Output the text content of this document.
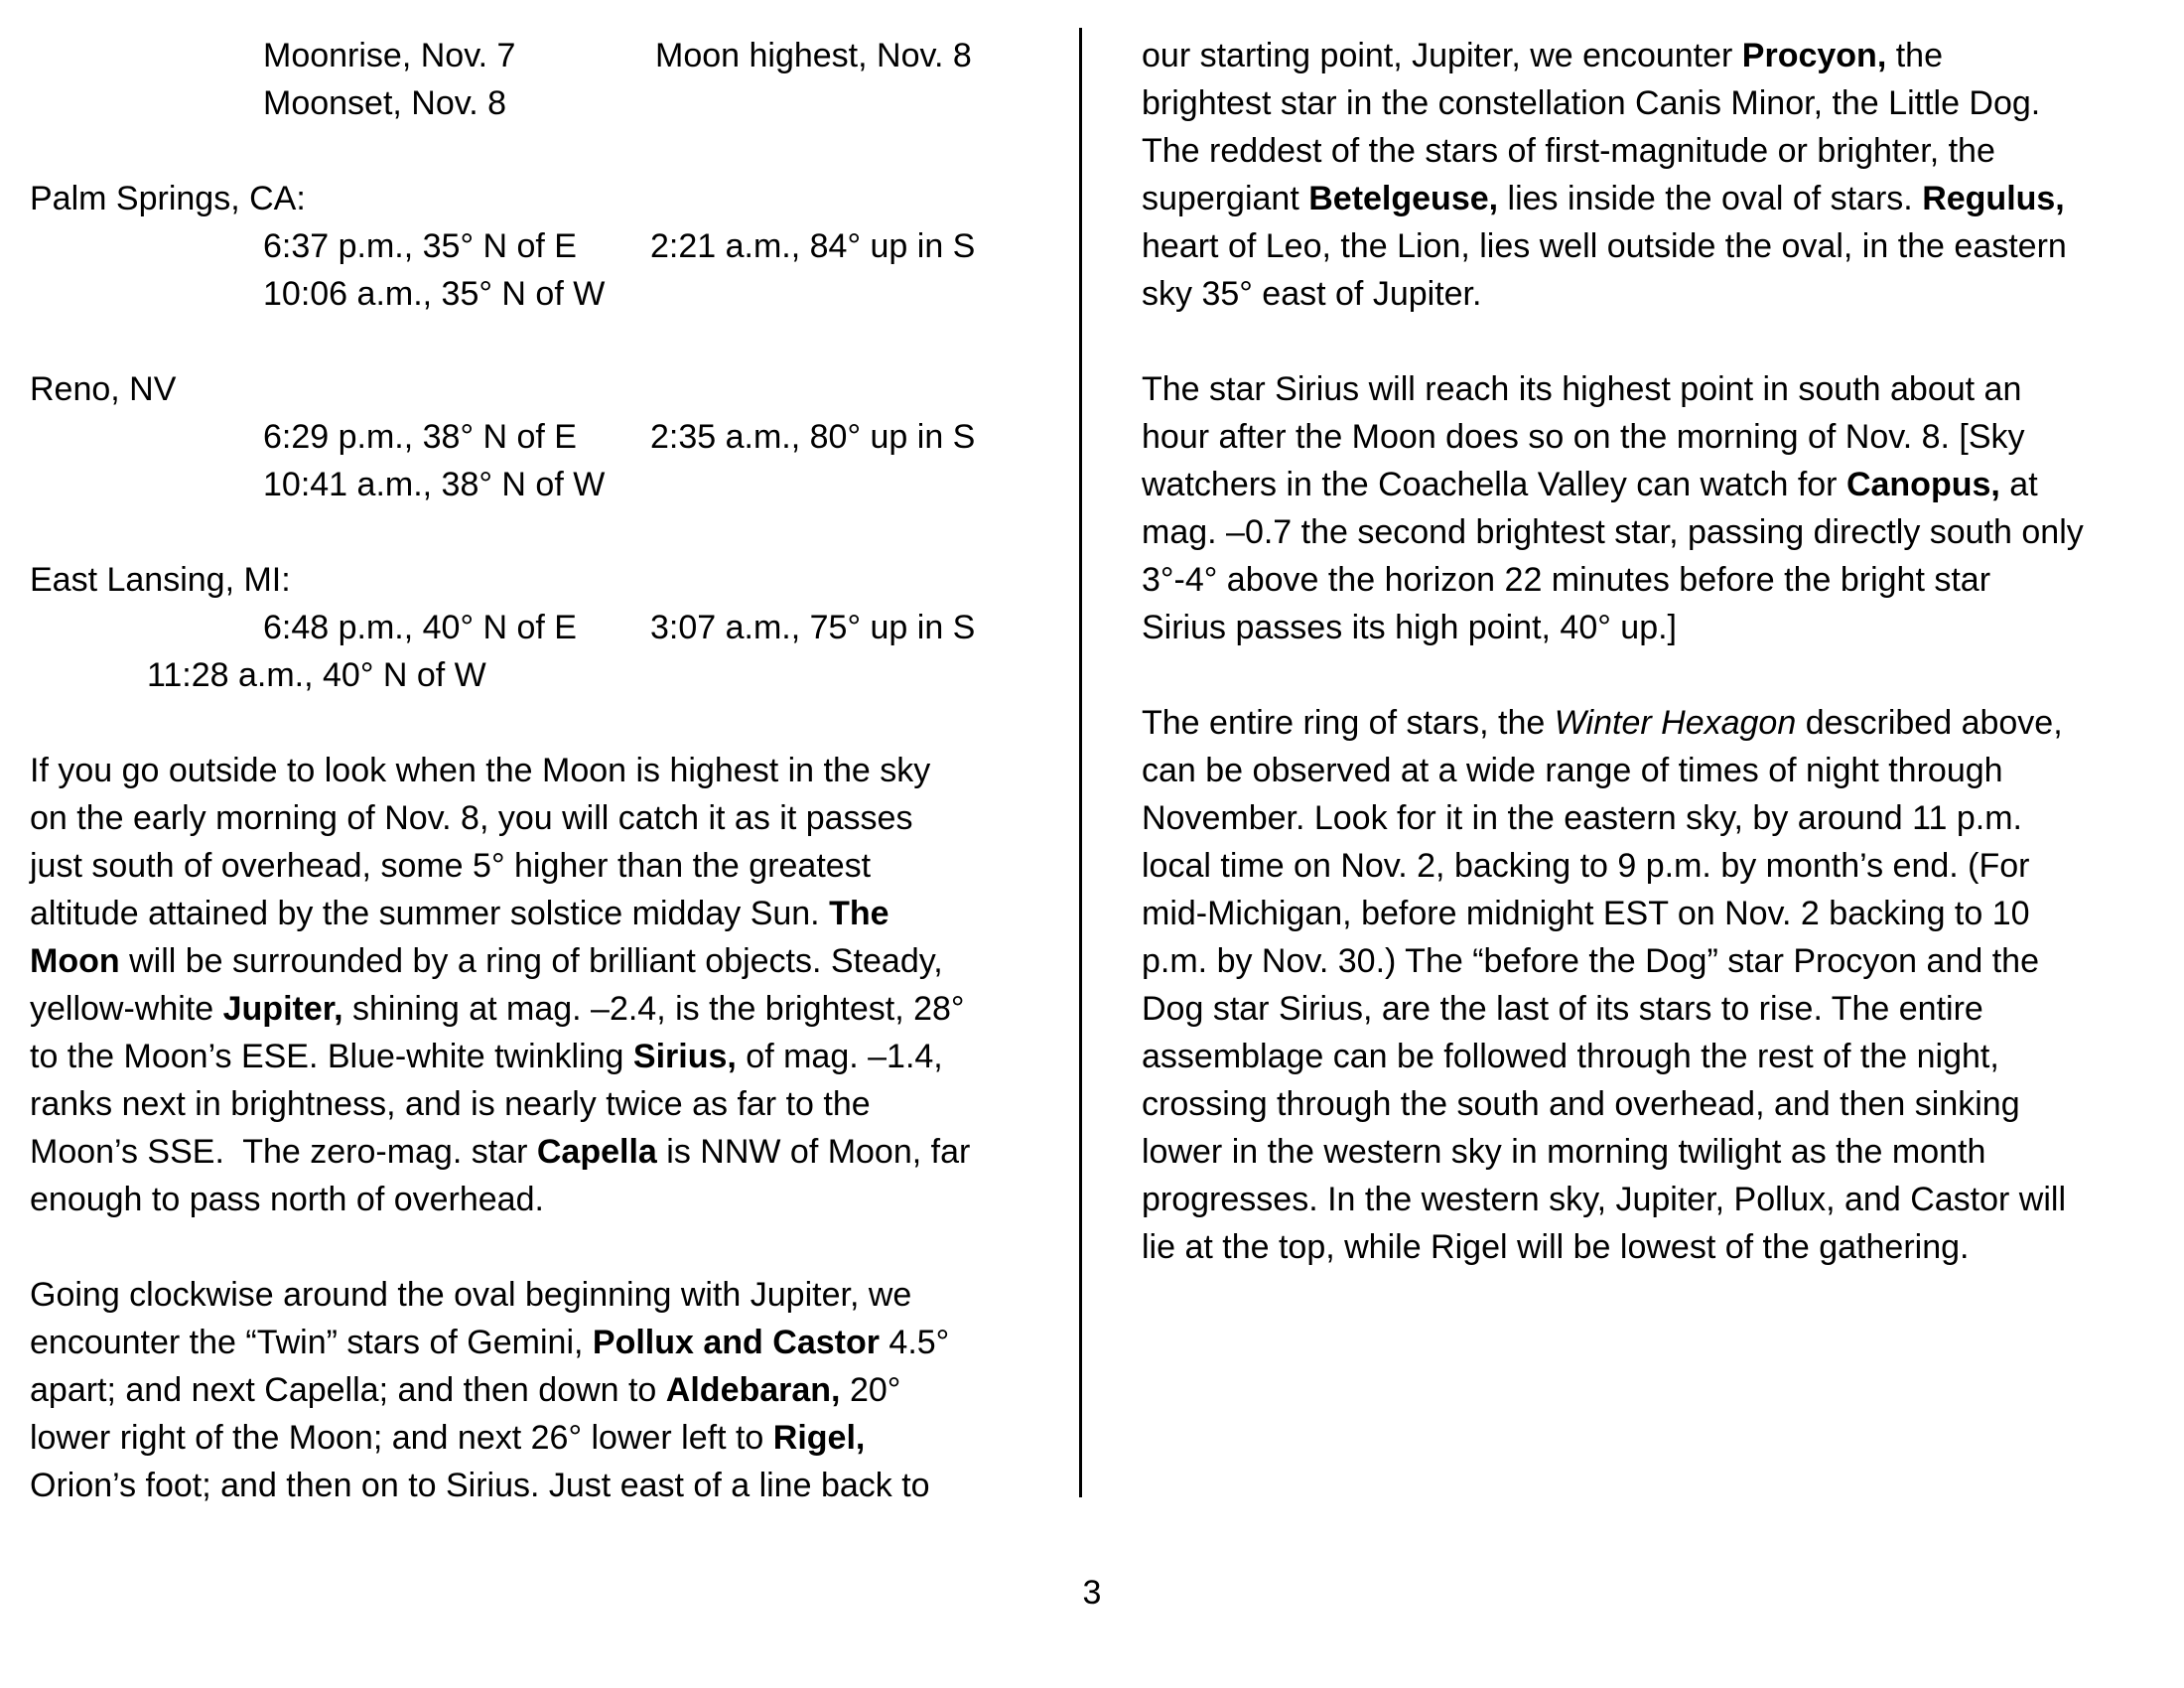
Moonrise, Nov. 7	Moon highest, Nov. 8
Moonset, Nov. 8
Palm Springs, CA:
6:37 p.m., 35° N of E 2:21 a.m., 84° up in S
10:06 a.m., 35° N of W
Reno, NV
6:29 p.m., 38° N of E 2:35 a.m., 80° up in S
10:41 a.m., 38° N of W
East Lansing, MI:
6:48 p.m., 40° N of E 3:07 a.m., 75° up in S
11:28 a.m., 40° N of W
If you go outside to look when the Moon is highest in the sky
on the early morning of Nov. 8, you will catch it as it passes
just south of overhead, some 5° higher than the greatest
altitude attained by the summer solstice midday Sun. The
Moon will be surrounded by a ring of brilliant objects. Steady,
yellow-white Jupiter, shining at mag. –2.4, is the brightest, 28°
to the Moon’s ESE. Blue-white twinkling Sirius, of mag. –1.4,
ranks next in brightness, and is nearly twice as far to the
Moon’s SSE.  The zero-mag. star Capella is NNW of Moon, far
enough to pass north of overhead.
Going clockwise around the oval beginning with Jupiter, we
encounter the “Twin” stars of Gemini, Pollux and Castor 4.5°
apart; and next Capella; and then down to Aldebaran, 20°
lower right of the Moon; and next 26° lower left to Rigel,
Orion’s foot; and then on to Sirius. Just east of a line back to
our starting point, Jupiter, we encounter Procyon, the
brightest star in the constellation Canis Minor, the Little Dog.
The reddest of the stars of first-magnitude or brighter, the
supergiant Betelgeuse, lies inside the oval of stars. Regulus,
heart of Leo, the Lion, lies well outside the oval, in the eastern
sky 35° east of Jupiter.
The star Sirius will reach its highest point in south about an
hour after the Moon does so on the morning of Nov. 8. [Sky
watchers in the Coachella Valley can watch for Canopus, at
mag. –0.7 the second brightest star, passing directly south only
3°-4° above the horizon 22 minutes before the bright star
Sirius passes its high point, 40° up.]
The entire ring of stars, the Winter Hexagon described above,
can be observed at a wide range of times of night through
November. Look for it in the eastern sky, by around 11 p.m.
local time on Nov. 2, backing to 9 p.m. by month’s end. (For
mid-Michigan, before midnight EST on Nov. 2 backing to 10
p.m. by Nov. 30.) The “before the Dog” star Procyon and the
Dog star Sirius, are the last of its stars to rise. The entire
assemblage can be followed through the rest of the night,
crossing through the south and overhead, and then sinking
lower in the western sky in morning twilight as the month
progresses. In the western sky, Jupiter, Pollux, and Castor will
lie at the top, while Rigel will be lowest of the gathering.
3
